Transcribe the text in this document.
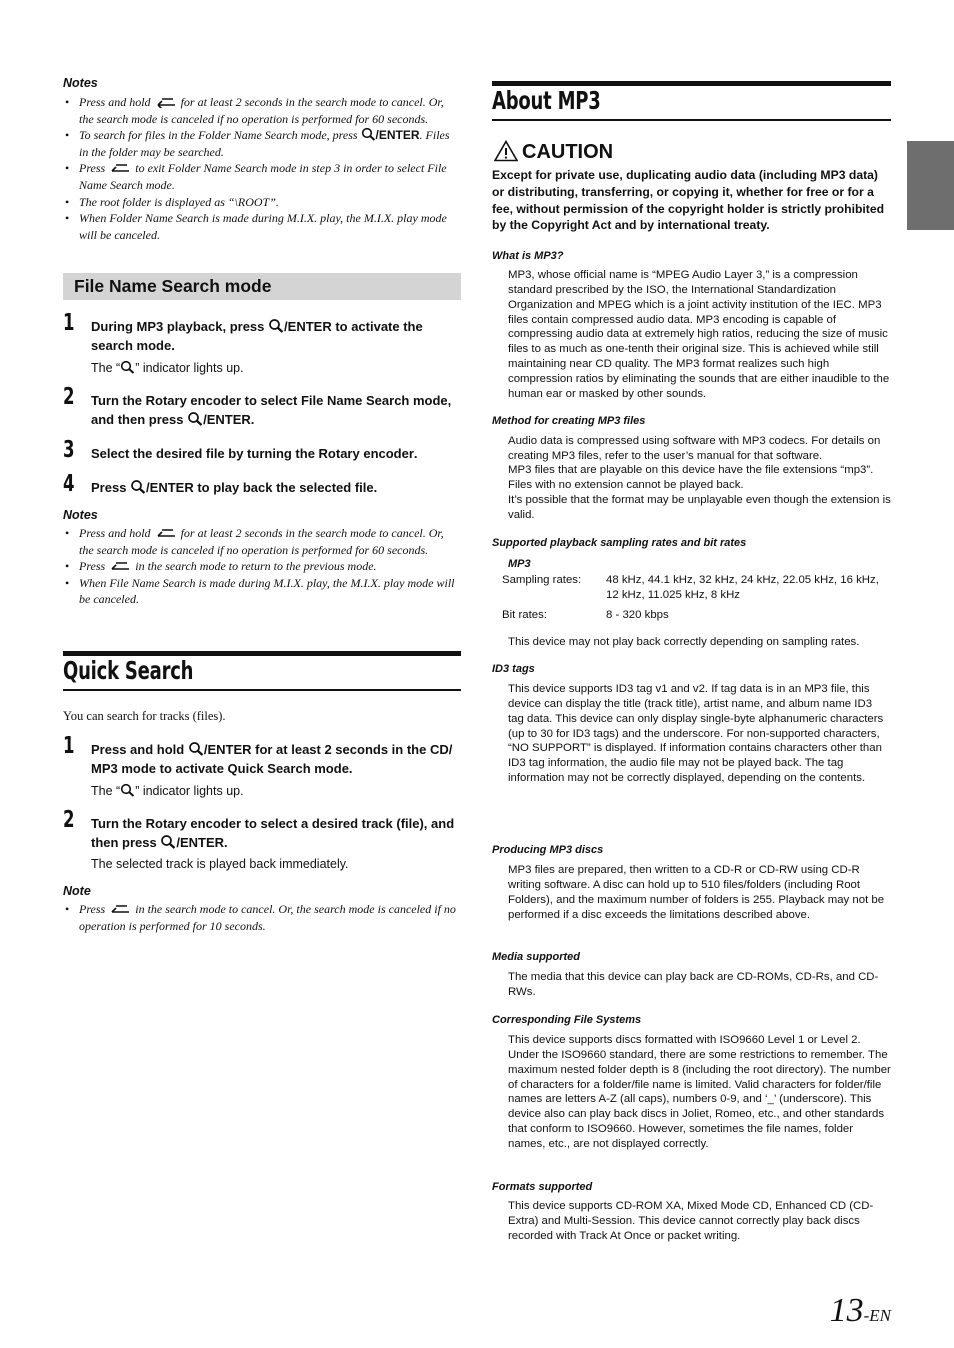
Notes
• Press and hold	for at least 2 seconds in the search mode to cancel. Or, the search mode is canceled if no operation is performed for 60 seconds.
• To search for files in the Folder Name Search mode, press /ENTER. Files in the folder may be searched.
• Press	to exit Folder Name Search mode in step 3 in order to select File Name Search mode.
• The root folder is displayed as “\ROOT”.
• When Folder Name Search is made during M.I.X. play, the M.I.X. play mode will be canceled.
File Name Search mode
1 During MP3 playback, press /ENTER to activate the search mode.
The “ ” indicator lights up.
2 Turn the Rotary encoder to select File Name Search mode, and then press /ENTER.
3 Select the desired file by turning the Rotary encoder.
4 Press /ENTER to play back the selected file.
Notes
• Press and hold	for at least 2 seconds in the search mode to cancel. Or, the search mode is canceled if no operation is performed for 60 seconds.
• Press	in the search mode to return to the previous mode.
• When File Name Search is made during M.I.X. play, the M.I.X. play mode will be canceled.
Quick Search
You can search for tracks (files).
1 Press and hold /ENTER for at least 2 seconds in the CD/ MP3 mode to activate Quick Search mode.
The “ ” indicator lights up.
2 Turn the Rotary encoder to select a desired track (file), and then press /ENTER.
The selected track is played back immediately.
Note
• Press	in the search mode to cancel. Or, the search mode is canceled if no operation is performed for 10 seconds.
About MP3
CAUTION
Except for private use, duplicating audio data (including MP3 data) or distributing, transferring, or copying it, whether for free or for a fee, without permission of the copyright holder is strictly prohibited by the Copyright Act and by international treaty.
What is MP3?
MP3, whose official name is “MPEG Audio Layer 3,” is a compression standard prescribed by the ISO, the International Standardization Organization and MPEG which is a joint activity institution of the IEC. MP3 files contain compressed audio data. MP3 encoding is capable of compressing audio data at extremely high ratios, reducing the size of music files to as much as one-tenth their original size. This is achieved while still maintaining near CD quality. The MP3 format realizes such high compression ratios by eliminating the sounds that are either inaudible to the human ear or masked by other sounds.
Method for creating MP3 files
Audio data is compressed using software with MP3 codecs. For details on creating MP3 files, refer to the user’s manual for that software.
MP3 files that are playable on this device have the file extensions “mp3”. Files with no extension cannot be played back.
It’s possible that the format may be unplayable even though the extension is valid.
Supported playback sampling rates and bit rates
MP3
Sampling rates:	48 kHz, 44.1 kHz, 32 kHz, 24 kHz, 22.05 kHz, 16 kHz, 12 kHz, 11.025 kHz, 8 kHz
Bit rates:	8 - 320 kbps
This device may not play back correctly depending on sampling rates.
ID3 tags
This device supports ID3 tag v1 and v2. If tag data is in an MP3 file, this device can display the title (track title), artist name, and album name ID3 tag data. This device can only display single-byte alphanumeric characters (up to 30 for ID3 tags) and the underscore. For non-supported characters, “NO SUPPORT” is displayed. If information contains characters other than ID3 tag information, the audio file may not be played back. The tag information may not be correctly displayed, depending on the contents.
Producing MP3 discs
MP3 files are prepared, then written to a CD-R or CD-RW using CD-R writing software. A disc can hold up to 510 files/folders (including Root Folders), and the maximum number of folders is 255. Playback may not be performed if a disc exceeds the limitations described above.
Media supported
The media that this device can play back are CD-ROMs, CD-Rs, and CD-RWs.
Corresponding File Systems
This device supports discs formatted with ISO9660 Level 1 or Level 2. Under the ISO9660 standard, there are some restrictions to remember. The maximum nested folder depth is 8 (including the root directory). The number of characters for a folder/file name is limited. Valid characters for folder/file names are letters A-Z (all caps), numbers 0-9, and ‘_’ (underscore). This device also can play back discs in Joliet, Romeo, etc., and other standards that conform to ISO9660. However, sometimes the file names, folder names, etc., are not displayed correctly.
Formats supported
This device supports CD-ROM XA, Mixed Mode CD, Enhanced CD (CD-Extra) and Multi-Session. This device cannot correctly play back discs recorded with Track At Once or packet writing.
13-EN
